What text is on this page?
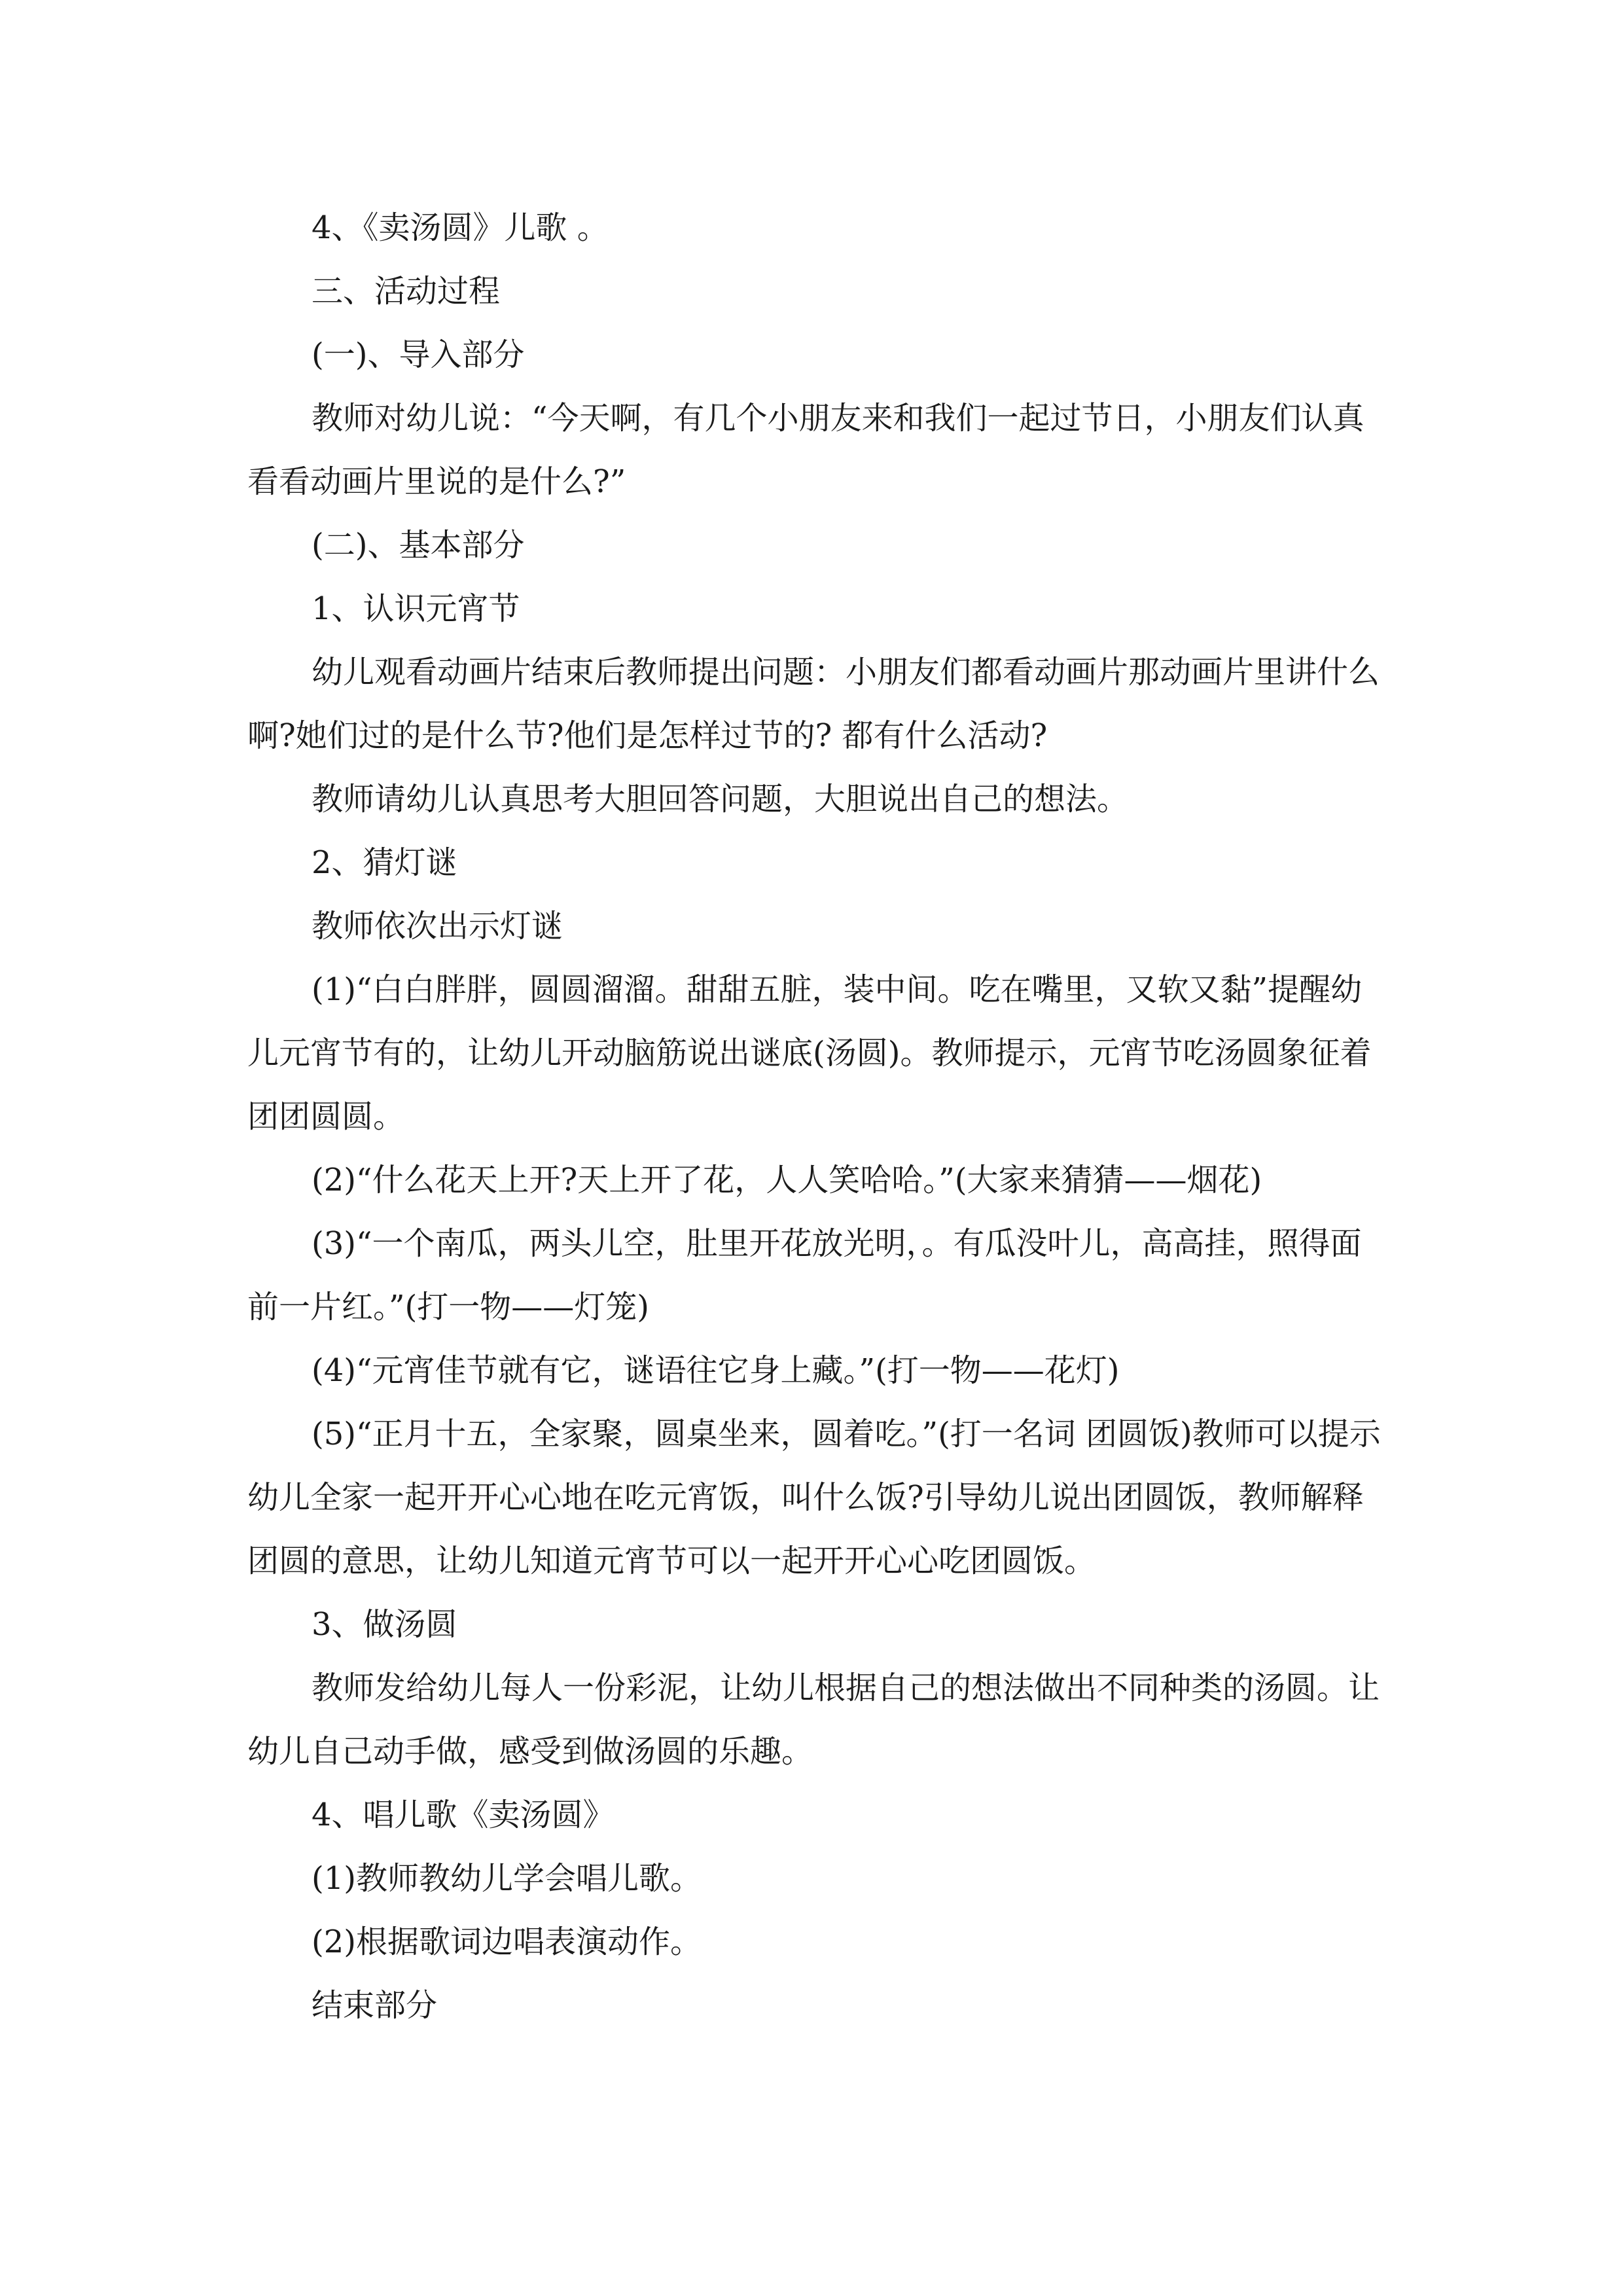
4、《卖汤圆》儿歌 。

三、活动过程

(一)、导入部分

教师对幼儿说：“今天啊，有几个小朋友来和我们一起过节日，小朋友们认真看看动画片里说的是什么?”

(二)、基本部分

1、认识元宵节

幼儿观看动画片结束后教师提出问题：小朋友们都看动画片那动画片里讲什么啊?她们过的是什么节?他们是怎样过节的? 都有什么活动?

教师请幼儿认真思考大胆回答问题，大胆说出自己的想法。

2、猜灯谜

教师依次出示灯谜

(1)“白白胖胖，圆圆溜溜。甜甜五脏，装中间。吃在嘴里，又软又黏”提醒幼儿元宵节有的，让幼儿开动脑筋说出谜底(汤圆)。教师提示，元宵节吃汤圆象征着团团圆圆。

(2)“什么花天上开?天上开了花，人人笑哈哈。”(大家来猜猜——烟花)

(3)“一个南瓜，两头儿空，肚里开花放光明，。有瓜没叶儿，高高挂，照得面前一片红。”(打一物——灯笼)

(4)“元宵佳节就有它，谜语往它身上藏。”(打一物——花灯)

(5)“正月十五，全家聚，圆桌坐来，圆着吃。”(打一名词 团圆饭)教师可以提示幼儿全家一起开开心心地在吃元宵饭，叫什么饭?引导幼儿说出团圆饭，教师解释团圆的意思，让幼儿知道元宵节可以一起开开心心吃团圆饭。

3、做汤圆

教师发给幼儿每人一份彩泥，让幼儿根据自己的想法做出不同种类的汤圆。让幼儿自己动手做，感受到做汤圆的乐趣。

4、唱儿歌《卖汤圆》

(1)教师教幼儿学会唱儿歌。

(2)根据歌词边唱表演动作。

结束部分
